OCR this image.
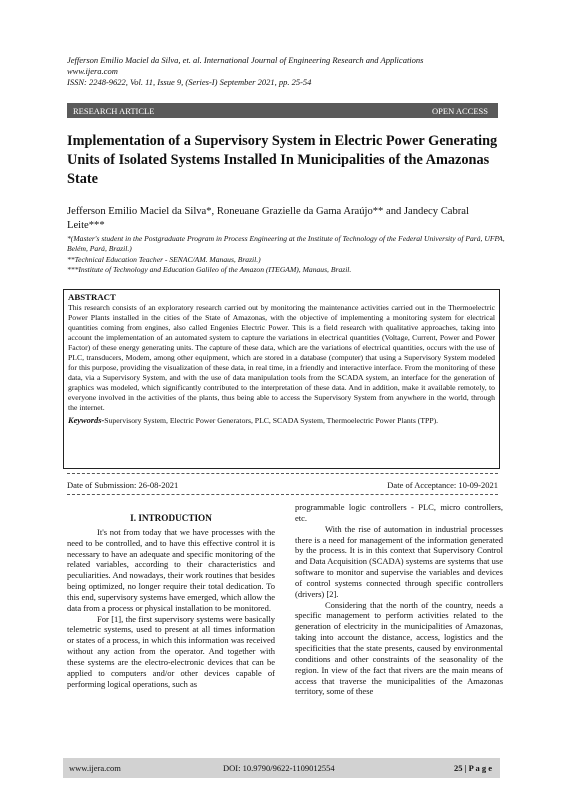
Jefferson Emilio Maciel da Silva, et. al. International Journal of Engineering Research and Applications
www.ijera.com

ISSN: 2248-9622, Vol. 11, Issue 9, (Series-I) September 2021, pp. 25-54
RESEARCH ARTICLE	OPEN ACCESS
Implementation of a Supervisory System in Electric Power Generating Units of Isolated Systems Installed In Municipalities of the Amazonas State
Jefferson Emilio Maciel da Silva*, Roneuane Grazielle da Gama Araújo** and Jandecy Cabral Leite***
*(Master's student in the Postgraduate Program in Process Engineering at the Institute of Technology of the Federal University of Pará, UFPA, Belém, Pará, Brazil.)
**Technical Education Teacher - SENAC/AM. Manaus, Brazil.)
***Institute of Technology and Education Galileo of the Amazon (ITEGAM), Manaus, Brazil.
ABSTRACT

This research consists of an exploratory research carried out by monitoring the maintenance activities carried out in the Thermoelectric Power Plants installed in the cities of the State of Amazonas, with the objective of implementing a monitoring system for electrical quantities coming from engines, also called Engenies Electric Power. This is a field research with qualitative approaches, taking into account the implementation of an automated system to capture the variations in electrical quantities (Voltage, Current, Power and Power Factor) of these energy generating units. The capture of these data, which are the variations of electrical quantities, occurs with the use of PLC, transducers, Modem, among other equipment, which are stored in a database (computer) that using a Supervisory System modeled for this purpose, providing the visualization of these data, in real time, in a friendly and interactive interface. From the monitoring of these data, via a Supervisory System, and with the use of data manipulation tools from the SCADA system, an interface for the generation of graphics was modeled, which significantly contributed to the interpretation of these data. And in addition, make it available remotely, to everyone involved in the activities of the plants, thus being able to access the Supervisory System from anywhere in the world, through the internet.

Keywords-Supervisory System, Electric Power Generators, PLC, SCADA System, Thermoelectric Power Plants (TPP).
Date of Submission: 26-08-2021	Date of Acceptance: 10-09-2021
I. INTRODUCTION

It's not from today that we have processes with the need to be controlled, and to have this effective control it is necessary to have an adequate and specific monitoring of the related variables, according to their characteristics and peculiarities. And nowadays, their work routines that besides being optimized, no longer require their total dedication. To this end, supervisory systems have emerged, which allow the data from a process or physical installation to be monitored.

For [1], the first supervisory systems were basically telemetric systems, used to present at all times information or states of a process, in which this information was received without any action from the operator. And together with these systems are the electro-electronic devices that can be applied to computers and/or other devices capable of performing logical operations, such as

programmable logic controllers - PLC, micro controllers, etc.

With the rise of automation in industrial processes there is a need for management of the information generated by the process. It is in this context that Supervisory Control and Data Acquisition (SCADA) systems are systems that use software to monitor and supervise the variables and devices of control systems connected through specific controllers (drivers) [2].

Considering that the north of the country, needs a specific management to perform activities related to the generation of electricity in the municipalities of Amazonas, taking into account the distance, access, logistics and the specificities that the state presents, caused by environmental conditions and other constraints of the seasonality of the region. In view of the fact that rivers are the main means of access that traverse the municipalities of the Amazonas territory, some of these

www.ijera.com	DOI: 10.9790/9622-1109012554	25 | P a g e
